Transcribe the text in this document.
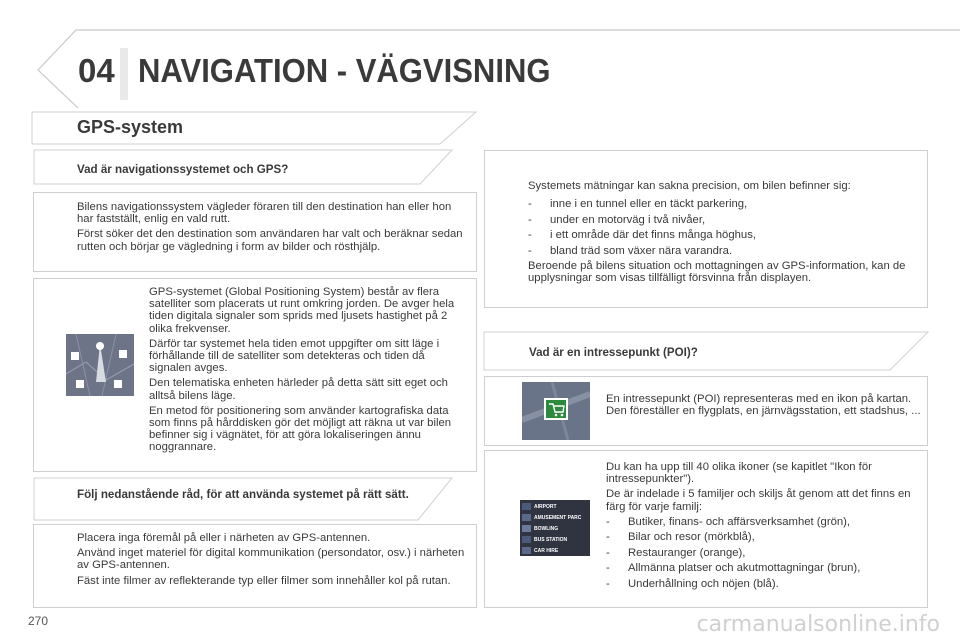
04 NAVIGATION - VÄGVISNING
GPS-system
Vad är navigationssystemet och GPS?

Bilens navigationssystem vägleder föraren till den destination han eller hon har fastställt, enlig en vald rutt.

Först söker det den destination som användaren har valt och beräknar sedan rutten och börjar ge vägledning i form av bilder och rösthjälp.

GPS-systemet (Global Positioning System) består av flera satelliter som placerats ut runt omkring jorden. De avger hela tiden digitala signaler som sprids med ljusets hastighet på 2 olika frekvenser.

Därför tar systemet hela tiden emot uppgifter om sitt läge i förhållande till de satelliter som detekteras och tiden då signalen avges.

Den telematiska enheten härleder på detta sätt sitt eget och alltså bilens läge.

En metod för positionering som använder kartografiska data som finns på hårddisken gör det möjligt att räkna ut var bilen befinner sig i vägnätet, för att göra lokaliseringen ännu noggrannare.

Följ nedanstående råd, för att använda systemet på rätt sätt.

Placera inga föremål på eller i närheten av GPS-antennen.

Använd inget materiel för digital kommunikation (persondator, osv.) i närheten av GPS-antennen.

Fäst inte filmer av reflekterande typ eller filmer som innehåller kol på rutan.

Systemets mätningar kan sakna precision, om bilen befinner sig:

-	inne i en tunnel eller en täckt parkering,
-	under en motorväg i två nivåer,
-	i ett område där det finns många höghus,
-	bland träd som växer nära varandra.

Beroende på bilens situation och mottagningen av GPS-information, kan de upplysningar som visas tillfälligt försvinna från displayen.

Vad är en intressepunkt (POI)?

En intressepunkt (POI) representeras med en ikon på kartan. Den föreställer en flygplats, en järnvägsstation, ett stadshus, ...

AIRPORT
AMUSEMENT PARC
BOWLING
BUS STATION
CAR HIRE

Du kan ha upp till 40 olika ikoner (se kapitlet "Ikon för intressepunkter").

De är indelade i 5 familjer och skiljs åt genom att det finns en färg för varje familj:

-	Butiker, finans- och affärsverksamhet (grön),
-	Bilar och resor (mörkblå),
-	Restauranger (orange),
-	Allmänna platser och akutmottagningar (brun),
-	Underhållning och nöjen (blå).
270	carmanualsonline.info
